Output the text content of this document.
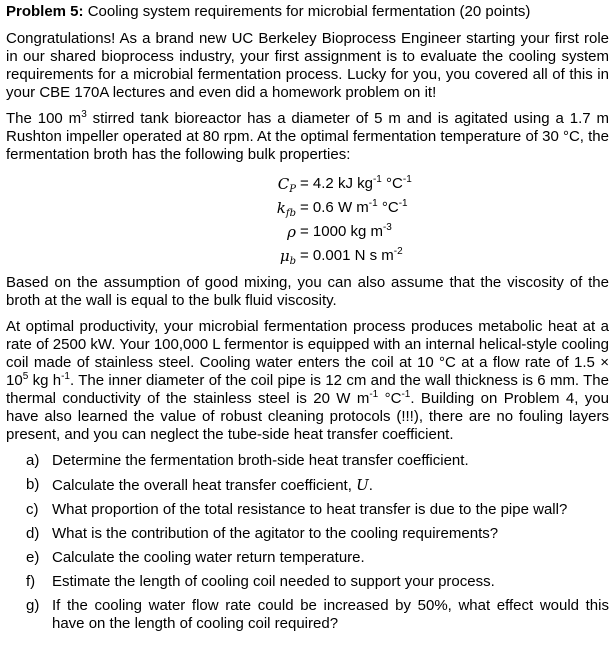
Problem 5: Cooling system requirements for microbial fermentation (20 points)

Congratulations! As a brand new UC Berkeley Bioprocess Engineer starting your first role in our shared bioprocess industry, your first assignment is to evaluate the cooling system requirements for a microbial fermentation process. Lucky for you, you covered all of this in your CBE 170A lectures and even did a homework problem on it!

The 100 $m^3$ stirred tank bioreactor has a diameter of 5 m and is agitated using a 1.7 m Rushton impeller operated at 80 rpm. At the optimal fermentation temperature of 30 °C, the fermentation broth has the following bulk properties:

$C_P = 4.2$ kJ $kg^{-1}$ $^\circ C^{-1}$
$k_{fb} = 0.6$ W $m^{-1}$ $^\circ C^{-1}$
ρ = 1000 kg $m^{-3}$
$\mu_b = 0.001$ N s $m^{-2}$

Based on the assumption of good mixing, you can also assume that the viscosity of the broth at the wall is equal to the bulk fluid viscosity.

At optimal productivity, your microbial fermentation process produces metabolic heat at a rate of 2500 kW. Your 100,000 L fermentor is equipped with an internal helical-style cooling coil made of stainless steel. Cooling water enters the coil at 10 °C at a flow rate of $1.5 \times 10^5$ kg $h^{-1}$. The inner diameter of the coil pipe is 12 cm and the wall thickness is 6 mm. The thermal conductivity of the stainless steel is 20 W $m^{-1}$ $^\circ C^{-1}$. Building on Problem 4, you have also learned the value of robust cleaning protocols (!!!), there are no fouling layers present, and you can neglect the tube-side heat transfer coefficient.

a) Determine the fermentation broth-side heat transfer coefficient.
b) Calculate the overall heat transfer coefficient, U.
c) What proportion of the total resistance to heat transfer is due to the pipe wall?
d) What is the contribution of the agitator to the cooling requirements?
e) Calculate the cooling water return temperature.
f) Estimate the length of cooling coil needed to support your process.
g) If the cooling water flow rate could be increased by 50%, what effect would this have on the length of cooling coil required?
